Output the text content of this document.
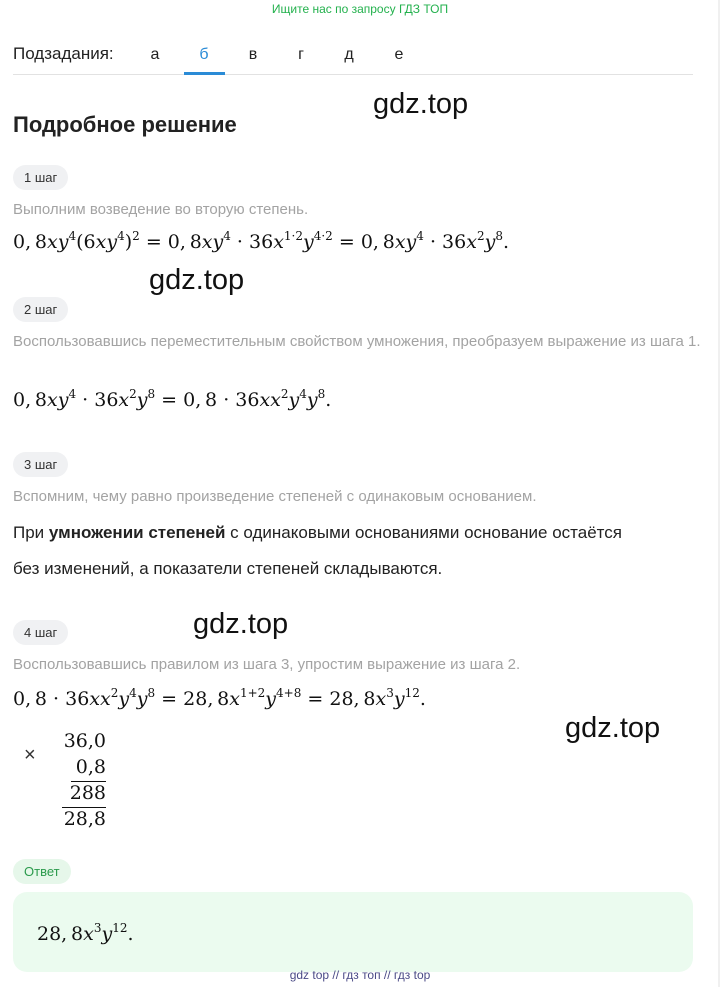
Ищите нас по запросу ГДЗ ТОП
Подзадания:	а	б	в	г	д	е
gdz.top
gdz.top
gdz.top
gdz.top
Подробное решение
1 шаг
Выполним возведение во вторую степень.
0, $8xy^4(6xy^4)^2 = 0$, $8xy^4 \cdot 36x^{1\cdot 2}y^{4\cdot 2} = 0$, $8xy^4 \cdot 36x^2y^8$.
2 шаг
Воспользовавшись переместительным свойством умножения, преобразуем выражение из шага 1.
0, $8xy^4 \cdot 36x^2y^8 = 0$, $8 \cdot 36xx^2y^4y^8$.
3 шаг
Вспомним, чему равно произведение степеней с одинаковым основанием.
При умножении степеней с одинаковыми основаниями основание остаётся
без изменений, а показатели степеней складываются.
4 шаг
Воспользовавшись правилом из шага 3, упростим выражение из шага 2.
0, $8 \cdot 36xx^2y^4y^8 = 28$, $8x^{1+2}y^{4+8} = 28$, $8x^3y^{12}$.
×
36,0
0,8
288
28,8
Ответ
28, $8x^3y^{12}$.
gdz top // гдз топ // гдз top
